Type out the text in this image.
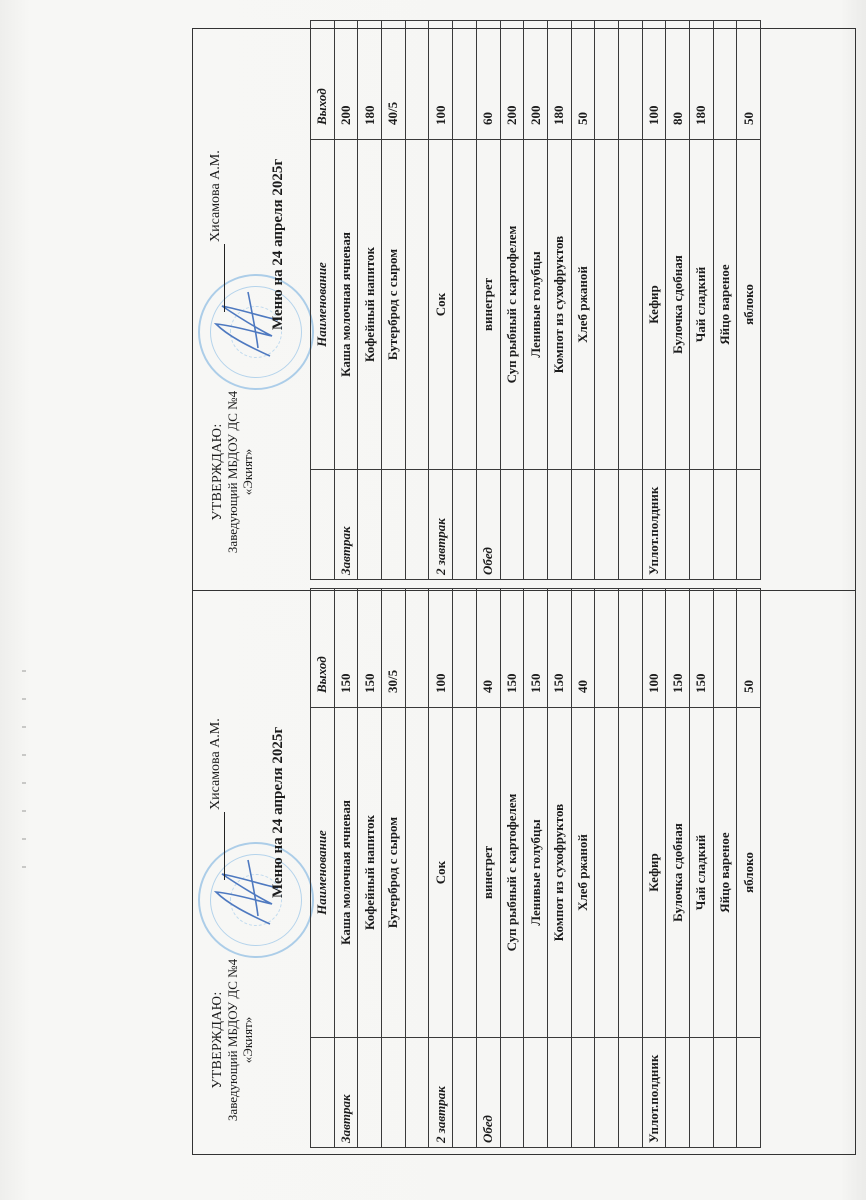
УТВЕРЖДАЮ: Заведующий МБДОУ ДС №4 «Экият»
Хисамова А.М.	Меню на 24 апреля 2025г
	Наименование	Выход
Завтрак	Каша молочная ячневая	200
	Кофейный напиток	180
	Бутерброд с сыром	40/5

2 завтрак	Сок	100

Обед	винегрет	60
	Суп рыбный с картофелем	200
	Ленивые голубцы	200
	Компот из сухофруктов	180
	Хлеб ржаной	50

Уплот.полдник	Кефир	100
	Булочка сдобная	80
	Чай сладкий	180
	Яйцо вареное	
	яблоко	50
УТВЕРЖДАЮ: Заведующий МБДОУ ДС №4 «Экият»
Хисамова А.М.	Меню на 24 апреля 2025г
	Наименование	Выход
Завтрак	Каша молочная ячневая	150
	Кофейный напиток	150
	Бутерброд с сыром	30/5

2 завтрак	Сок	100

Обед	винегрет	40
	Суп рыбный с картофелем	150
	Ленивые голубцы	150
	Компот из сухофруктов	150
	Хлеб ржаной	40

Уплот.полдник	Кефир	100
	Булочка сдобная	150
	Чай сладкий	150
	Яйцо вареное	
	яблоко	50
